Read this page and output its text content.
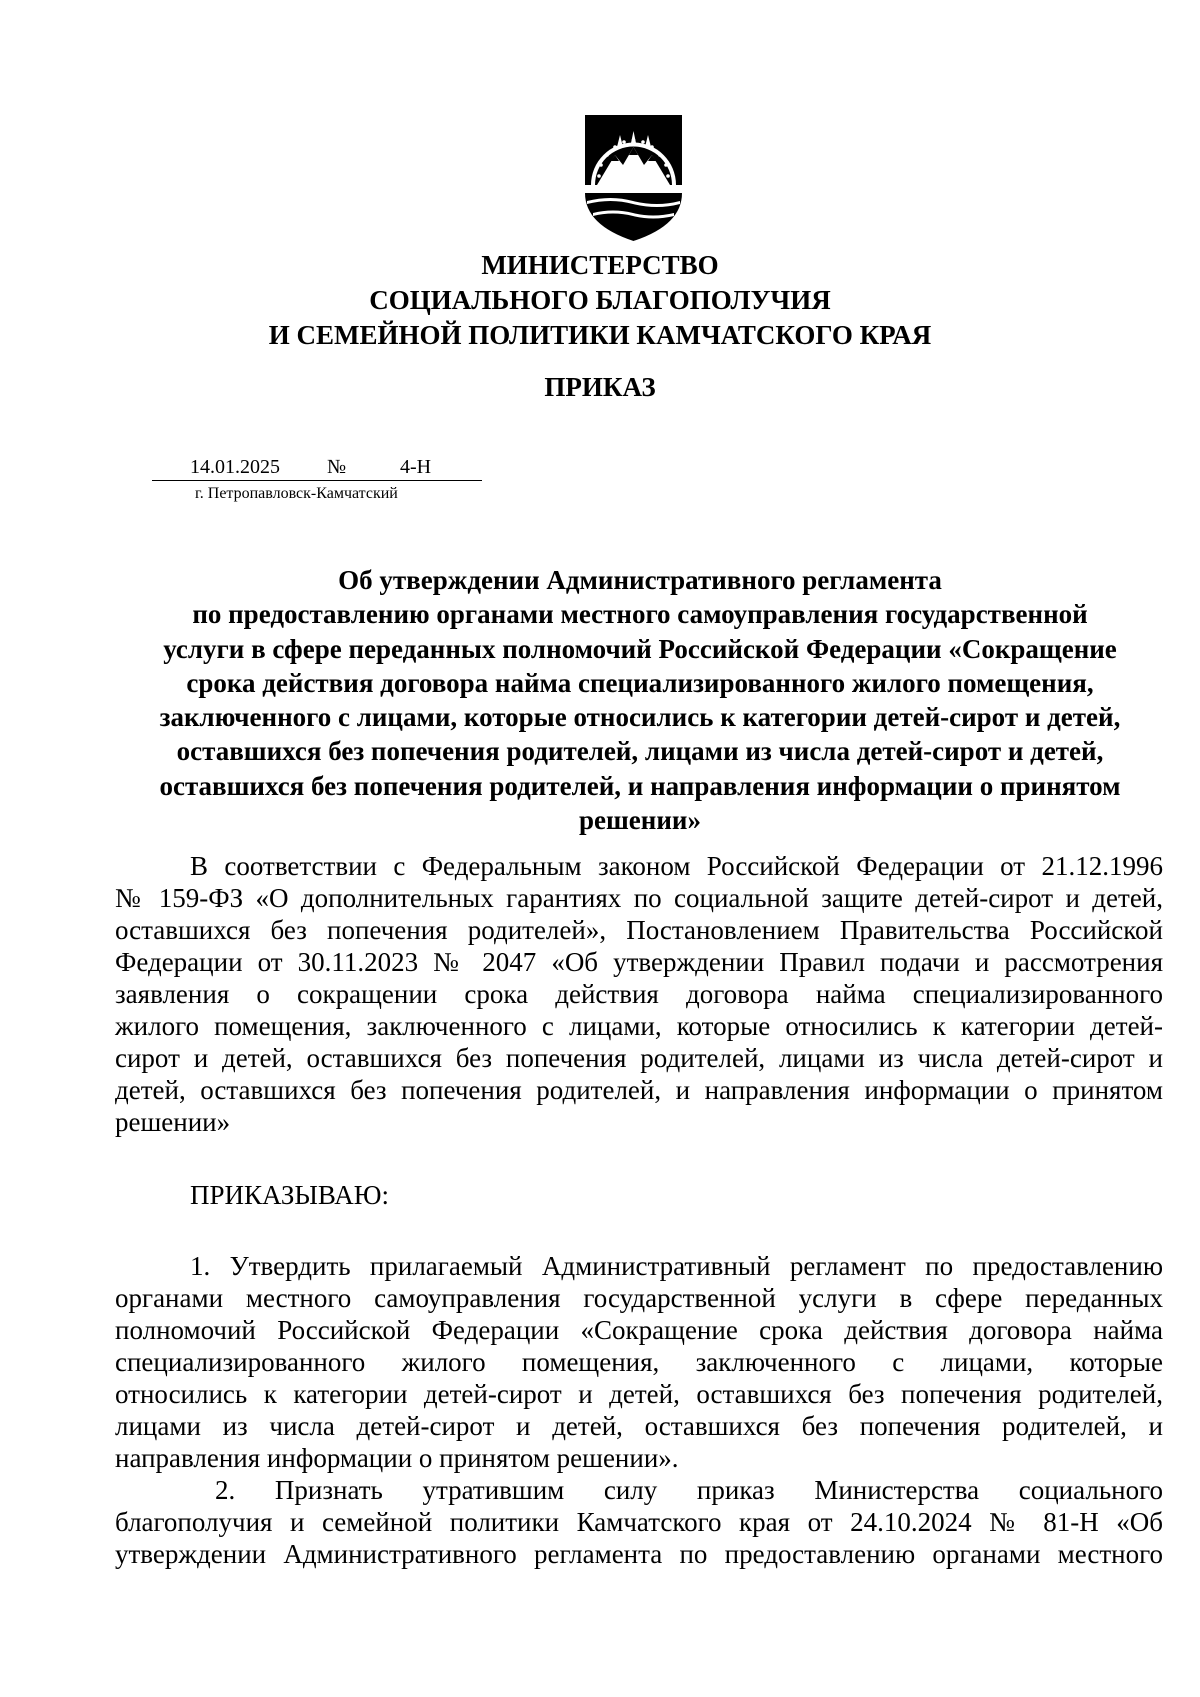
МИНИСТЕРСТВО
СОЦИАЛЬНОГО БЛАГОПОЛУЧИЯ
И СЕМЕЙНОЙ ПОЛИТИКИ КАМЧАТСКОГО КРАЯ
ПРИКАЗ
14.01.2025 №	4-Н
г. Петропавловск-Камчатский
Об утверждении Административного регламента
по предоставлению органами местного самоуправления государственной
услуги в сфере переданных полномочий Российской Федерации «Сокращение
срока действия договора найма специализированного жилого помещения,
заключенного с лицами, которые относились к категории детей-сирот и детей,
оставшихся без попечения родителей, лицами из числа детей-сирот и детей,
оставшихся без попечения родителей, и направления информации о принятом
решении»
В соответствии с Федеральным законом Российской Федерации от 21.12.1996
№ 159-ФЗ «О дополнительных гарантиях по социальной защите детей-сирот и детей,
оставшихся без попечения родителей», Постановлением Правительства Российской
Федерации от 30.11.2023 № 2047 «Об утверждении Правил подачи и рассмотрения
заявления о сокращении срока действия договора найма специализированного
жилого помещения, заключенного с лицами, которые относились к категории детей-
сирот и детей, оставшихся без попечения родителей, лицами из числа детей-сирот и
детей, оставшихся без попечения родителей, и направления информации о принятом
решении»
ПРИКАЗЫВАЮ:
1. Утвердить прилагаемый Административный регламент по предоставлению
органами местного самоуправления государственной услуги в сфере переданных
полномочий Российской Федерации «Сокращение срока действия договора найма
специализированного жилого помещения, заключенного с лицами, которые
относились к категории детей-сирот и детей, оставшихся без попечения родителей,
лицами из числа детей-сирот и детей, оставшихся без попечения родителей, и
направления информации о принятом решении».
2. Признать утратившим силу приказ Министерства социального
благополучия и семейной политики Камчатского края от 24.10.2024 № 81-Н «Об
утверждении Административного регламента по предоставлению органами местного
